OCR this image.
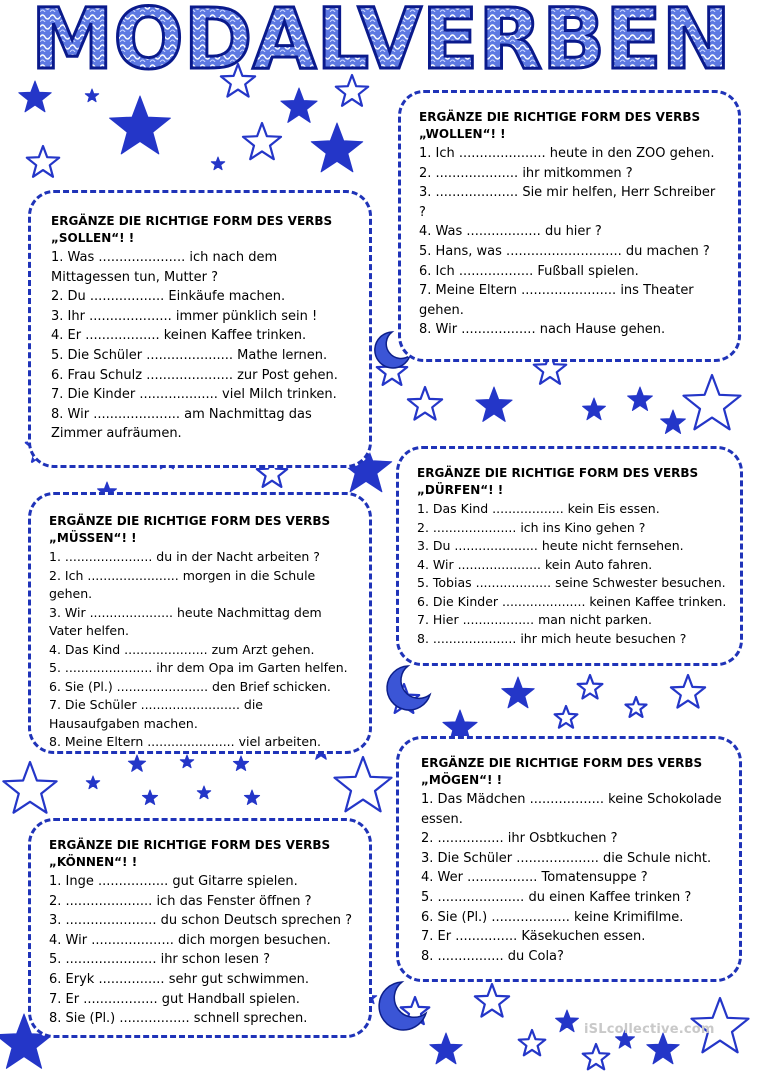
MODALVERBEN
ERGÄNZE DIE RICHTIGE FORM DES VERBS „SOLLEN“! !
1. Was ..................... ich nach dem Mittagessen tun, Mutter ?
2. Du .................. Einkäufe machen.
3. Ihr .................... immer pünklich sein !
4. Er .................. keinen Kaffee trinken.
5. Die Schüler ..................... Mathe lernen.
6. Frau Schulz ..................... zur Post gehen.
7. Die Kinder ................... viel Milch trinken.
8. Wir ..................... am Nachmittag das Zimmer aufräumen.
ERGÄNZE DIE RICHTIGE FORM DES VERBS „WOLLEN“! !
1. Ich ..................... heute in den ZOO gehen.
2. .................... ihr mitkommen ?
3. .................... Sie mir helfen, Herr Schreiber ?
4. Was .................. du hier ?
5. Hans, was ............................ du machen ?
6. Ich .................. Fußball spielen.
7. Meine Eltern ....................... ins Theater gehen.
8. Wir .................. nach Hause gehen.
ERGÄNZE DIE RICHTIGE FORM DES VERBS „MÜSSEN“! !
1. ...................... du in der Nacht arbeiten ?
2. Ich ....................... morgen in die Schule gehen.
3. Wir ..................... heute Nachmittag dem Vater helfen.
4. Das Kind ..................... zum Arzt gehen.
5. ...................... ihr dem Opa im Garten helfen.
6. Sie (Pl.) ....................... den Brief schicken.
7. Die Schüler ......................... die Hausaufgaben machen.
8. Meine Eltern ...................... viel arbeiten.
ERGÄNZE DIE RICHTIGE FORM DES VERBS „DÜRFEN“! !
1. Das Kind .................. kein Eis essen.
2. ..................... ich ins Kino gehen ?
3. Du ..................... heute nicht fernsehen.
4. Wir ..................... kein Auto fahren.
5. Tobias ................... seine Schwester besuchen.
6. Die Kinder ..................... keinen Kaffee trinken.
7. Hier .................. man nicht parken.
8. ..................... ihr mich heute besuchen ?
ERGÄNZE DIE RICHTIGE FORM DES VERBS „KÖNNEN“! !
1. Inge ................. gut Gitarre spielen.
2. ..................... ich das Fenster öffnen ?
3. ...................... du schon Deutsch sprechen ?
4. Wir .................... dich morgen besuchen.
5. ...................... ihr schon lesen ?
6. Eryk ................ sehr gut schwimmen.
7. Er .................. gut Handball spielen.
8. Sie (Pl.) ................. schnell sprechen.
ERGÄNZE DIE RICHTIGE FORM DES VERBS „MÖGEN“! !
1. Das Mädchen .................. keine Schokolade essen.
2. ................ ihr Osbtkuchen ?
3. Die Schüler .................... die Schule nicht.
4. Wer ................. Tomatensuppe ?
5. ..................... du einen Kaffee trinken ?
6. Sie (Pl.) ................... keine Krimifilme.
7. Er ............... Käsekuchen essen.
8. ................ du Cola?
iSLcollective.com
